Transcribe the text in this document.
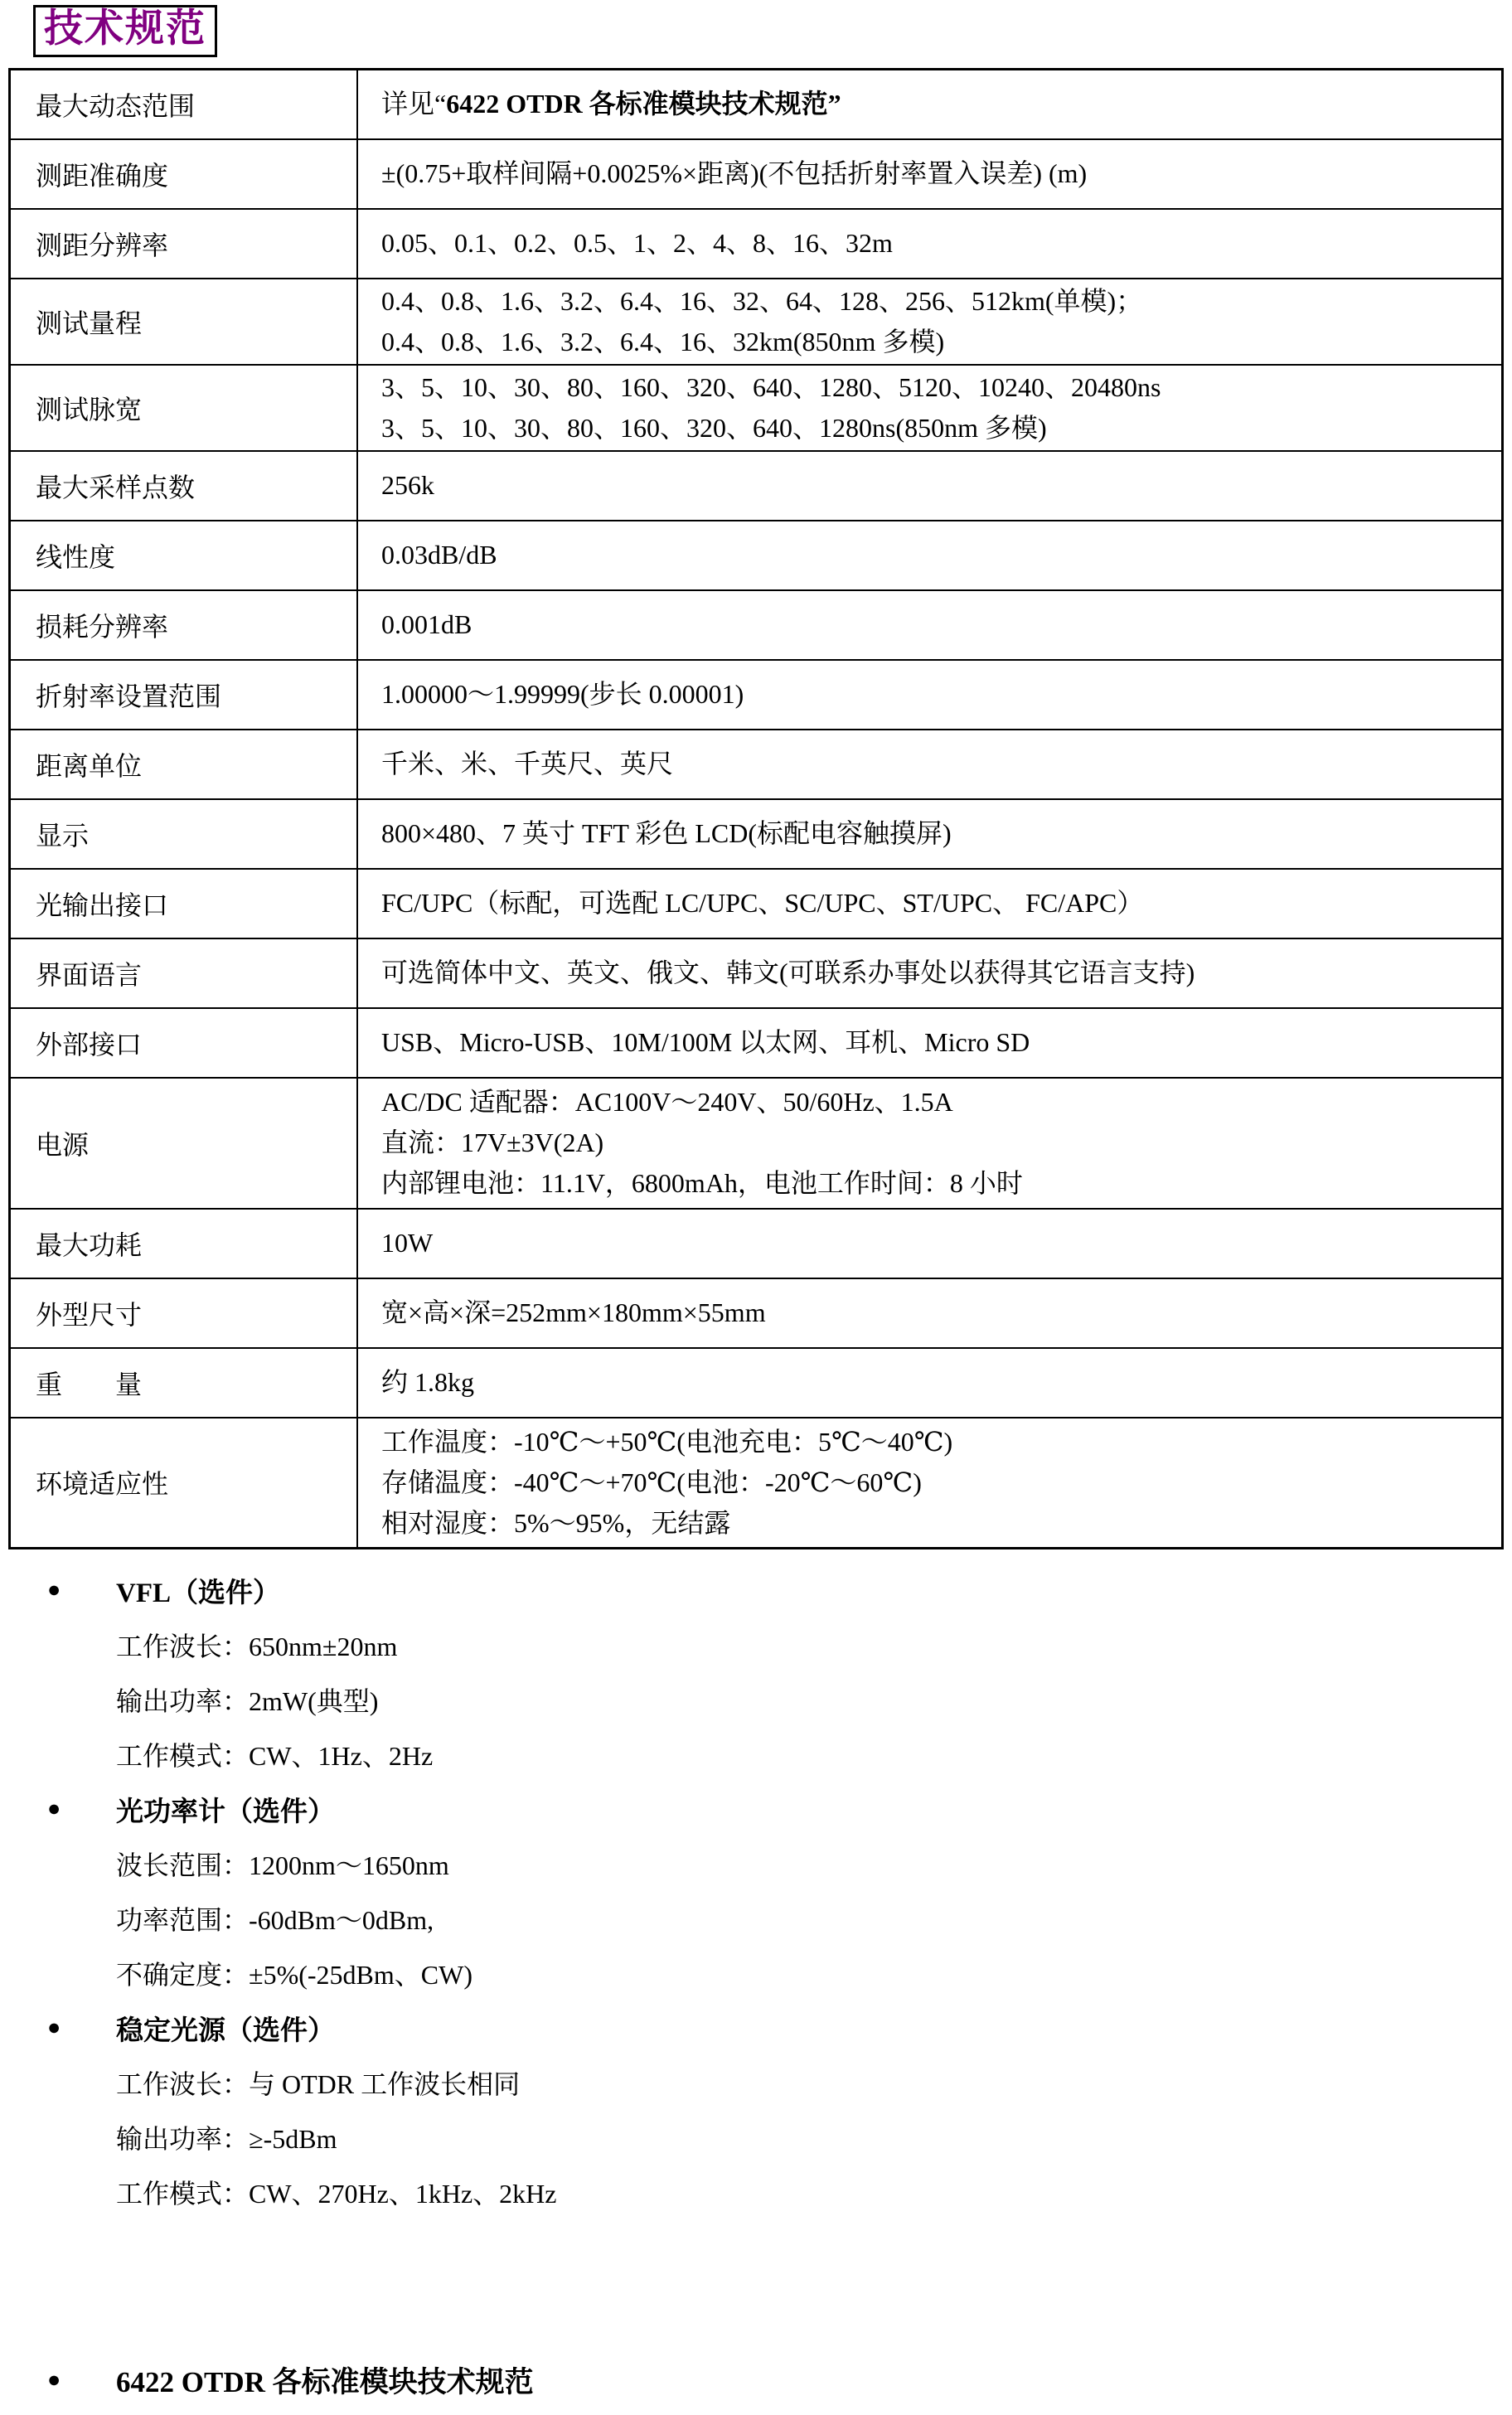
技术规范
最大动态范围	详见“6422 OTDR 各标准模块技术规范”

测距准确度	±(0.75+取样间隔+0.0025%×距离)(不包括折射率置入误差) (m)

测距分辨率	0.05、0.1、0.2、0.5、1、2、4、8、16、32m

测试量程	0.4、0.8、1.6、3.2、6.4、16、32、64、128、256、512km(单模)；
0.4、0.8、1.6、3.2、6.4、16、32km(850nm 多模)

测试脉宽	3、5、10、30、80、160、320、640、1280、5120、10240、20480ns
3、5、10、30、80、160、320、640、1280ns(850nm 多模)

最大采样点数	256k

线性度	0.03dB/dB

损耗分辨率	0.001dB

折射率设置范围	1.00000～1.99999(步长 0.00001)

距离单位	千米、米、千英尺、英尺

显示	800×480、7 英寸 TFT 彩色 LCD(标配电容触摸屏)

光输出接口	FC/UPC（标配，可选配 LC/UPC、SC/UPC、ST/UPC、 FC/APC）

界面语言	可选简体中文、英文、俄文、韩文(可联系办事处以获得其它语言支持)

外部接口	USB、Micro-USB、10M/100M 以太网、耳机、Micro SD

电源	AC/DC 适配器：AC100V～240V、50/60Hz、1.5A
直流：17V±3V(2A)
内部锂电池：11.1V，6800mAh，电池工作时间：8 小时

最大功耗	10W

外型尺寸	宽×高×深=252mm×180mm×55mm

重　　量	约 1.8kg

环境适应性	工作温度：-10℃～+50℃(电池充电：5℃～40℃)
存储温度：-40℃～+70℃(电池：-20℃～60℃)
相对湿度：5%～95%，无结露
● VFL（选件）
工作波长：650nm±20nm
输出功率：2mW(典型)
工作模式：CW、1Hz、2Hz
● 光功率计（选件）
波长范围：1200nm～1650nm
功率范围：-60dBm～0dBm,
不确定度：±5%(-25dBm、CW)
● 稳定光源（选件）
工作波长：与 OTDR 工作波长相同
输出功率：≥-5dBm
工作模式：CW、270Hz、1kHz、2kHz
● 6422 OTDR 各标准模块技术规范
